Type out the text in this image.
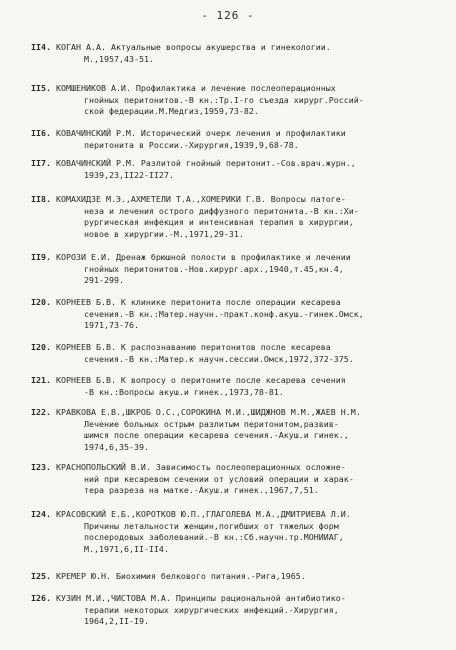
- 126 -
II4. КОГАН А.А. Актуальные вопросы акушерства и гинекологии.
М.,1957,43-51.
II5. КОМШЕНИКОВ А.И. Профилактика и лечение послеоперационных
гнойных перитонитов.-В кн.:Тр.I-го съезда хирург.Россий-
ской федерации.М.Медгиз,1959,73-82.
II6. КОВАЧИНСКИЙ Р.М. Исторический очерк лечения и профилактики
перитонита в России.-Хирургия,1939,9,68-78.
II7. КОВАЧИНСКИЙ Р.М. Разлитой гнойный перитонит.-Сов.врач.журн.,
1939,23,II22-II27.
II8. КОМАХИДЗЕ М.Э.,АХМЕТЕЛИ Т.А.,ХОМЕРИКИ Г.В. Вопросы патоге-
неза и лечения острого диффузного перитонита.-В кн.:Хи-
рургическая инфекция и интенсивная терапия в хирургии,
новое в хирургии.-М.,1971,29-31.
II9. КОРОЗИ Е.И. Дренаж брюшной полости в профилактике и лечении
гнойных перитонитов.-Нов.хирург.арх.,1940,т.45,кн.4,
291-299.
I20. КОРНЕЕВ Б.В. К клинике перитонита после операции кесарева
сечения.-В кн.:Матер.научн.-практ.конф.акуш.-гинек.Омск,
1971,73-76.
I20. КОРНЕЕВ Б.В. К распознаванию перитонитов после кесарева
сечения.-В кн.:Матер.к научн.сессии.Омск,1972,372-375.
I21. КОРНЕЕВ Б.В. К вопросу о перитоните после кесарева сечения
-В кн.:Вопросы акуш.и гинек.,1973,78-81.
I22. КРАВКОВА Е.В.,ШКРОБ О.С.,СОРОКИНА М.И.,ШИДЖНОВ М.М.,ЖАЕВ Н.М.
Лечение больных острым разлитым перитонитом,развив-
шимся после операции кесарева сечения.-Акуш.и гинек.,
1974,6,35-39.
I23. КРАСНОПОЛЬСКИЙ В.И. Зависимость послеоперационных осложне-
ний при кесаревом сечении от условий операции и харак-
тера разреза на матке.-Акуш.и гинек.,1967,7,51.
I24. КРАСОВСКИЙ Е.Б.,КОРОТКОВ Ю.П.,ГЛАГОЛЕВА М.А.,ДМИТРИЕВА Л.И.
Причины летальности женщин,погибших от тяжелых форм
послеродовых заболеваний.-В кн.:Сб.научн.тр.МОНИИАГ,
М.,1971,6,II-II4.
I25. КРЕМЕР Ю.Н. Биохимия белкового питания.-Рига,1965.
I26. КУЗИН М.И.,ЧИСТОВА М.А. Принципы рациональной антибиотико-
терапии некоторых хирургических инфекций.-Хирургия,
1964,2,II-I9.
